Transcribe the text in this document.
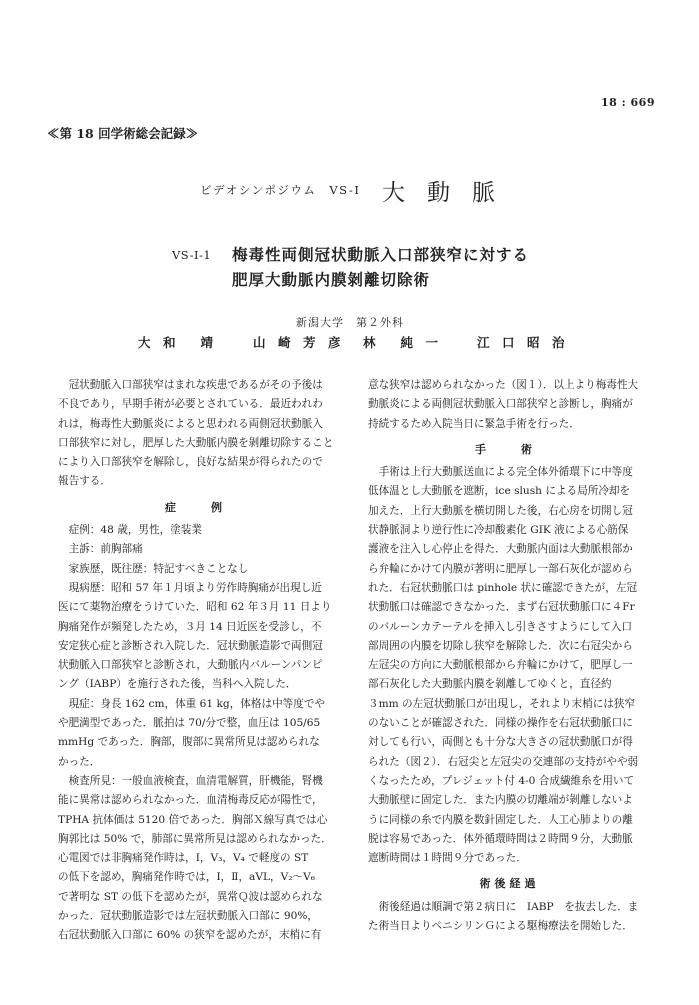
18 : 669
≪第 18 回学術総会記録≫
ビデオシンポジウム　VS-Ⅰ 大動脈
VS-Ⅰ-1 梅毒性両側冠状動脈入口部狭窄に対する
肥厚大動脈内膜剝離切除術
新潟大学　第２外科
大　和　　靖	山　崎　芳　彦 林　　純　一	江　口　昭　治

　冠状動脈入口部狭窄はまれな疾患であるがその予後は

不良であり，早期手術が必要とされている．最近われわ

れは，梅毒性大動脈炎によると思われる両側冠状動脈入

口部狭窄に対し，肥厚した大動脈内膜を剝離切除すること

により入口部狭窄を解除し，良好な結果が得られたので

報告する．

症　例

　症例：48 歳，男性，塗装業

　主訴：前胸部痛

　家族歴，既往歴：特記すべきことなし

　現病歴：昭和 57 年１月頃より労作時胸痛が出現し近

医にて薬物治療をうけていた．昭和 62 年３月 11 日より

胸痛発作が頻発したため，３月 14 日近医を受診し，不

安定狭心症と診断され入院した．冠状動脈造影で両側冠

状動脈入口部狭窄と診断され，大動脈内バルーンパンピ

ング（IABP）を施行された後，当科へ入院した．

　現症：身長 162 cm，体重 61 kg，体格は中等度でや

や肥満型であった．脈拍は 70/分で整，血圧は 105/65

mmHg であった．胸部，腹部に異常所見は認められな

かった．

　検査所見：一般血液検査，血清電解質，肝機能，腎機

能に異常は認められなかった．血清梅毒反応が陽性で，

TPHA 抗体価は 5120 倍であった．胸部Ｘ線写真では心

胸郭比は 50% で，肺部に異常所見は認められなかった．

心電図では非胸痛発作時は，Ⅰ，V₃，V₄ で軽度の ST

の低下を認め，胸痛発作時では，Ⅰ，Ⅱ，aVL，V₂〜V₆

で著明な ST の低下を認めたが，異常Ｑ波は認められな

かった．冠状動脈造影では左冠状動脈入口部に 90%，

右冠状動脈入口部に 60% の狭窄を認めたが，末梢に有

意な狭窄は認められなかった（図１）．以上より梅毒性大

動脈炎による両側冠状動脈入口部狭窄と診断し，胸痛が

持続するため入院当日に緊急手術を行った．

手　術

　手術は上行大動脈送血による完全体外循環下に中等度

低体温とし大動脈を遮断，ice slush による局所冷却を

加えた．上行大動脈を横切開した後，右心房を切開し冠

状静脈洞より逆行性に冷却酸素化 GIK 液による心筋保

護液を注入し心停止を得た．大動脈内面は大動脈根部か

ら弁輪にかけて内膜が著明に肥厚し一部石灰化が認めら

れた．右冠状動脈口は pinhole 状に確認できたが，左冠

状動脈口は確認できなかった．まず右冠状動脈口に４Fr

のバルーンカテーテルを挿入し引きさすようにして入口

部周囲の内膜を切除し狭窄を解除した．次に右冠尖から

左冠尖の方向に大動脈根部から弁輪にかけて，肥厚し一

部石灰化した大動脈内膜を剝離してゆくと，直径約

３mm の左冠状動脈口が出現し，それより末梢には狭窄

のないことが確認された．同様の操作を右冠状動脈口に

対しても行い，両側とも十分な大きさの冠状動脈口が得

られた（図２）．右冠尖と左冠尖の交連部の支持がやや弱

くなったため，プレジェット付 4-0 合成繊維糸を用いて

大動脈壁に固定した．また内膜の切離端が剝離しないよ

うに同様の糸で内膜を数針固定した．人工心肺よりの離

脱は容易であった．体外循環時間は２時間９分，大動脈

遮断時間は１時間９分であった．

術後経過

　術後経過は順調で第２病日に　IABP　を抜去した．ま

た術当日よりペニシリンＧによる駆梅療法を開始した．
